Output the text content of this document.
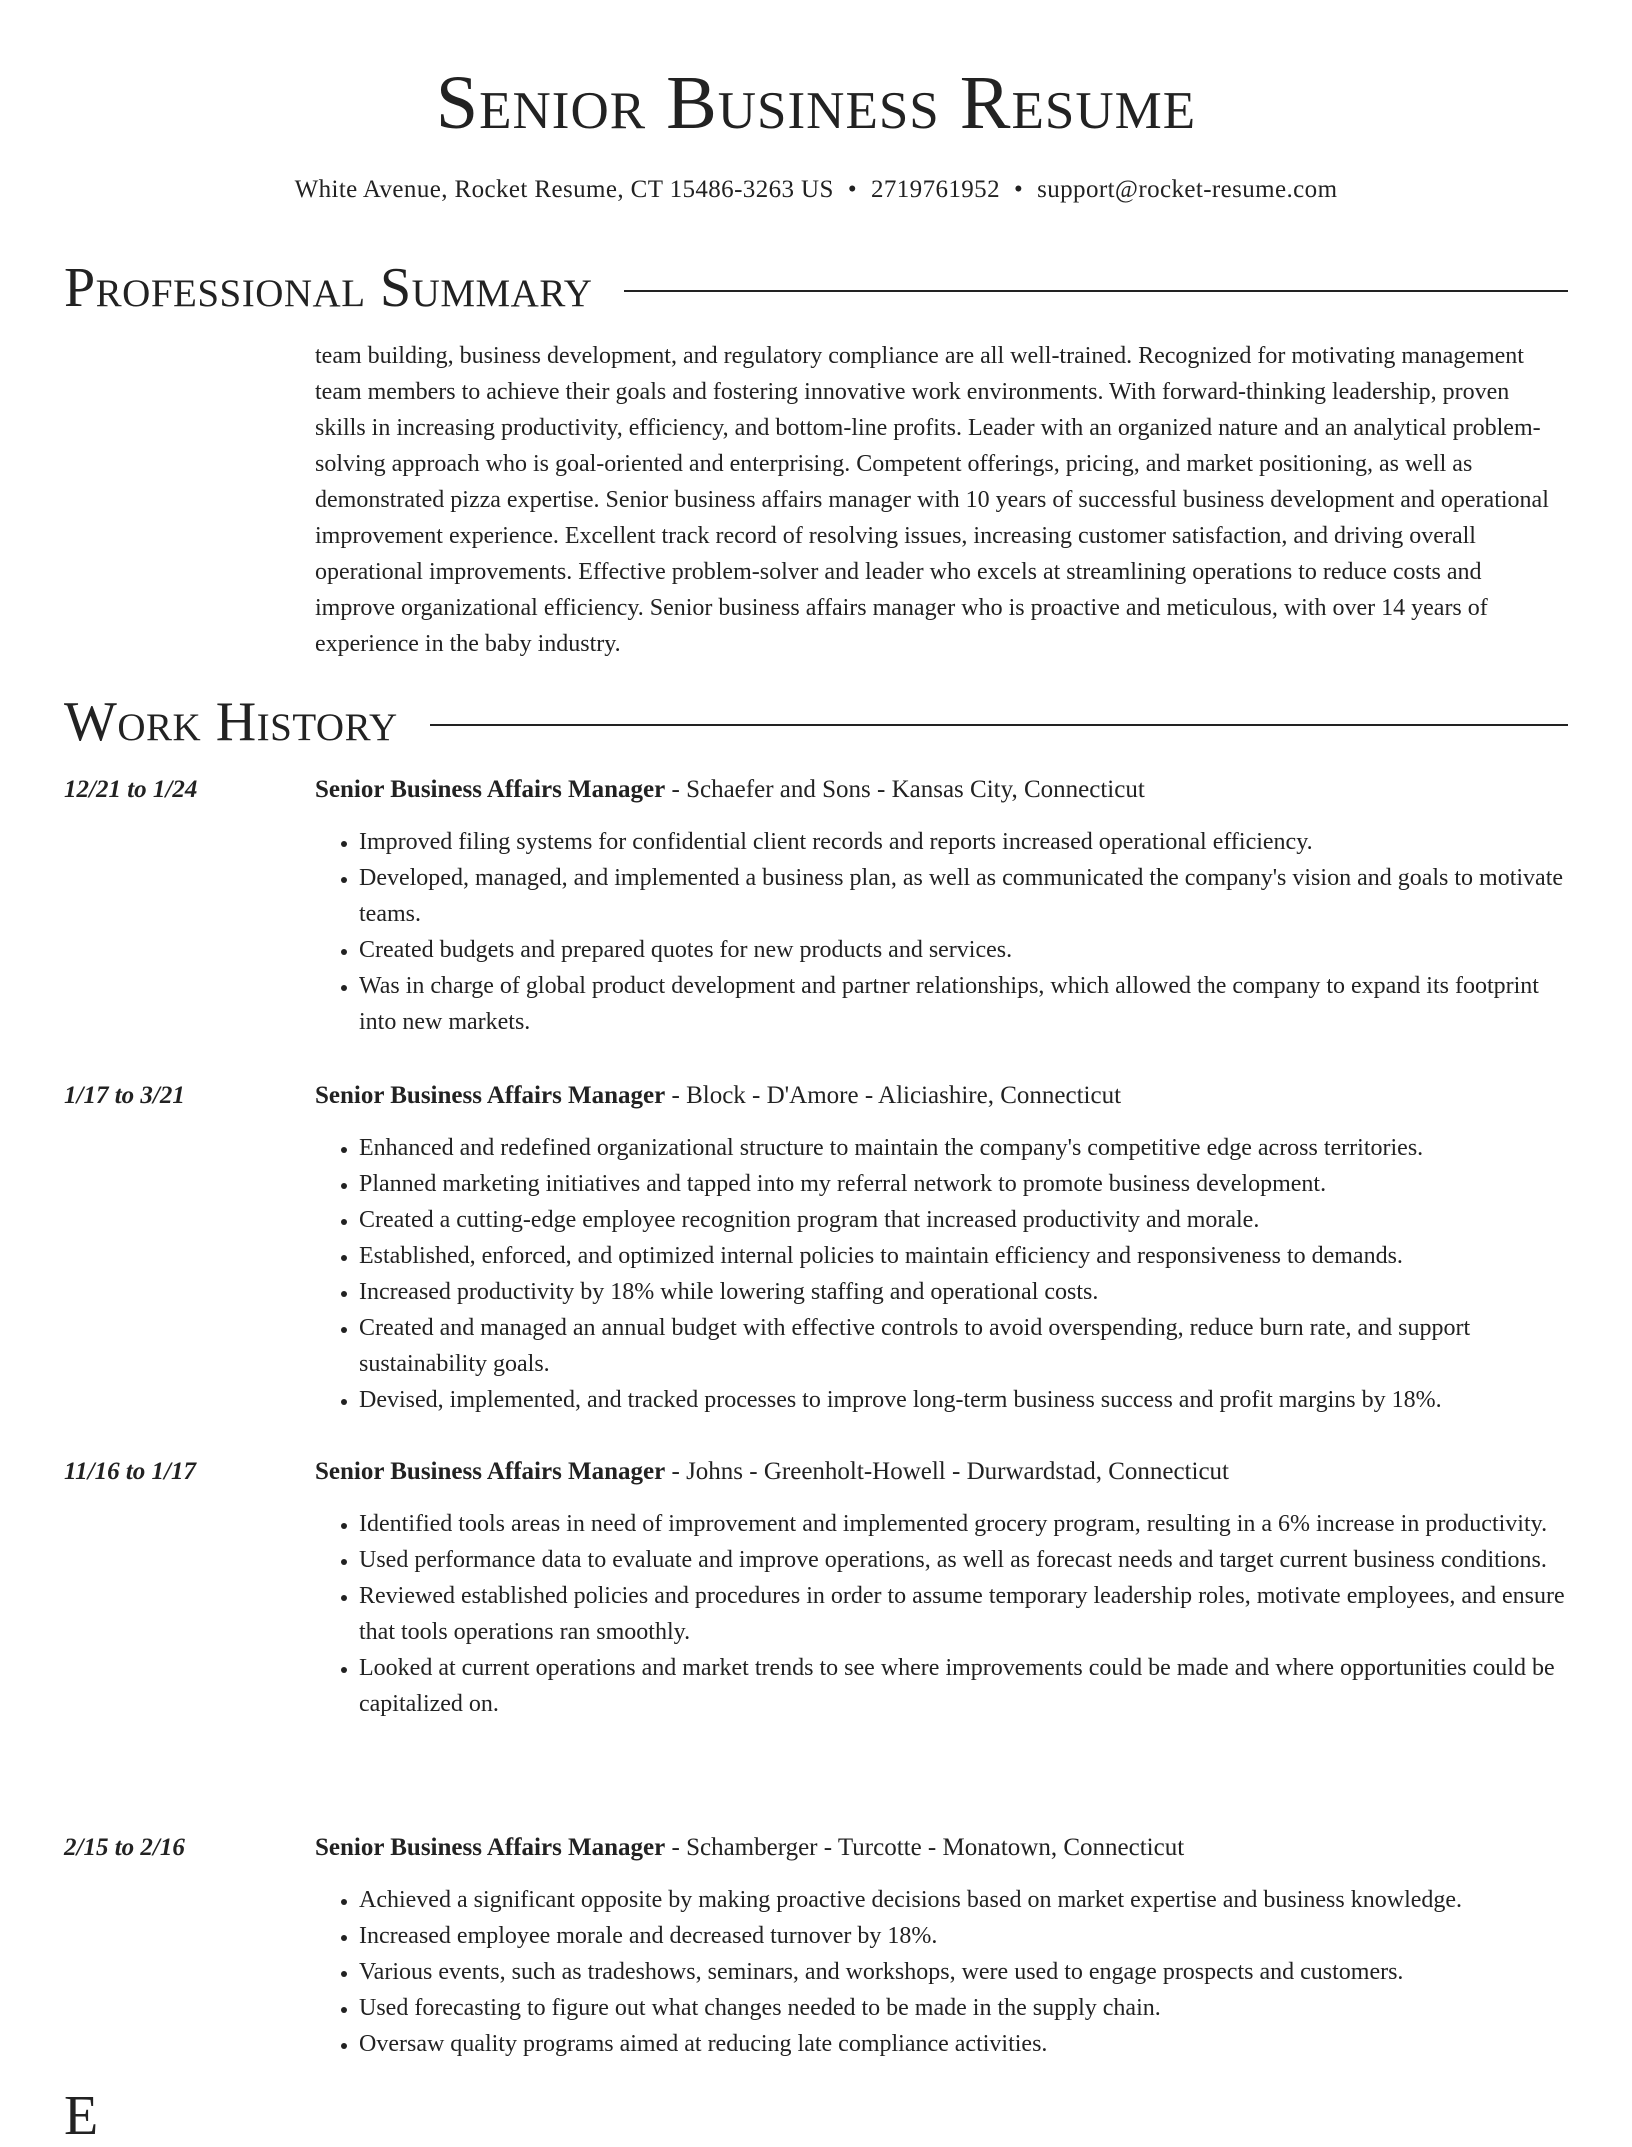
Senior Business Resume
White Avenue, Rocket Resume, CT 15486-3263 US • 2719761952 • support@rocket-resume.com
Professional Summary

team building, business development, and regulatory compliance are all well-trained. Recognized for motivating management team members to achieve their goals and fostering innovative work environments. With forward-thinking leadership, proven skills in increasing productivity, efficiency, and bottom-line profits. Leader with an organized nature and an analytical problem-solving approach who is goal-oriented and enterprising. Competent offerings, pricing, and market positioning, as well as demonstrated pizza expertise. Senior business affairs manager with 10 years of successful business development and operational improvement experience. Excellent track record of resolving issues, increasing customer satisfaction, and driving overall operational improvements. Effective problem-solver and leader who excels at streamlining operations to reduce costs and improve organizational efficiency. Senior business affairs manager who is proactive and meticulous, with over 14 years of experience in the baby industry.

Work History
12/21 to 1/24	Senior Business Affairs Manager - Schaefer and Sons - Kansas City, Connecticut
• Improved filing systems for confidential client records and reports increased operational efficiency.
• Developed, managed, and implemented a business plan, as well as communicated the company's vision and goals to motivate teams.
• Created budgets and prepared quotes for new products and services.
• Was in charge of global product development and partner relationships, which allowed the company to expand its footprint into new markets.
1/17 to 3/21	Senior Business Affairs Manager - Block - D'Amore - Aliciashire, Connecticut
• Enhanced and redefined organizational structure to maintain the company's competitive edge across territories.
• Planned marketing initiatives and tapped into my referral network to promote business development.
• Created a cutting-edge employee recognition program that increased productivity and morale.
• Established, enforced, and optimized internal policies to maintain efficiency and responsiveness to demands.
• Increased productivity by 18% while lowering staffing and operational costs.
• Created and managed an annual budget with effective controls to avoid overspending, reduce burn rate, and support sustainability goals.
• Devised, implemented, and tracked processes to improve long-term business success and profit margins by 18%.
11/16 to 1/17	Senior Business Affairs Manager - Johns - Greenholt-Howell - Durwardstad, Connecticut
• Identified tools areas in need of improvement and implemented grocery program, resulting in a 6% increase in productivity.
• Used performance data to evaluate and improve operations, as well as forecast needs and target current business conditions.
• Reviewed established policies and procedures in order to assume temporary leadership roles, motivate employees, and ensure that tools operations ran smoothly.
• Looked at current operations and market trends to see where improvements could be made and where opportunities could be capitalized on.
2/15 to 2/16	Senior Business Affairs Manager - Schamberger - Turcotte - Monatown, Connecticut
• Achieved a significant opposite by making proactive decisions based on market expertise and business knowledge.
• Increased employee morale and decreased turnover by 18%.
• Various events, such as tradeshows, seminars, and workshops, were used to engage prospects and customers.
• Used forecasting to figure out what changes needed to be made in the supply chain.
• Oversaw quality programs aimed at reducing late compliance activities.
E
